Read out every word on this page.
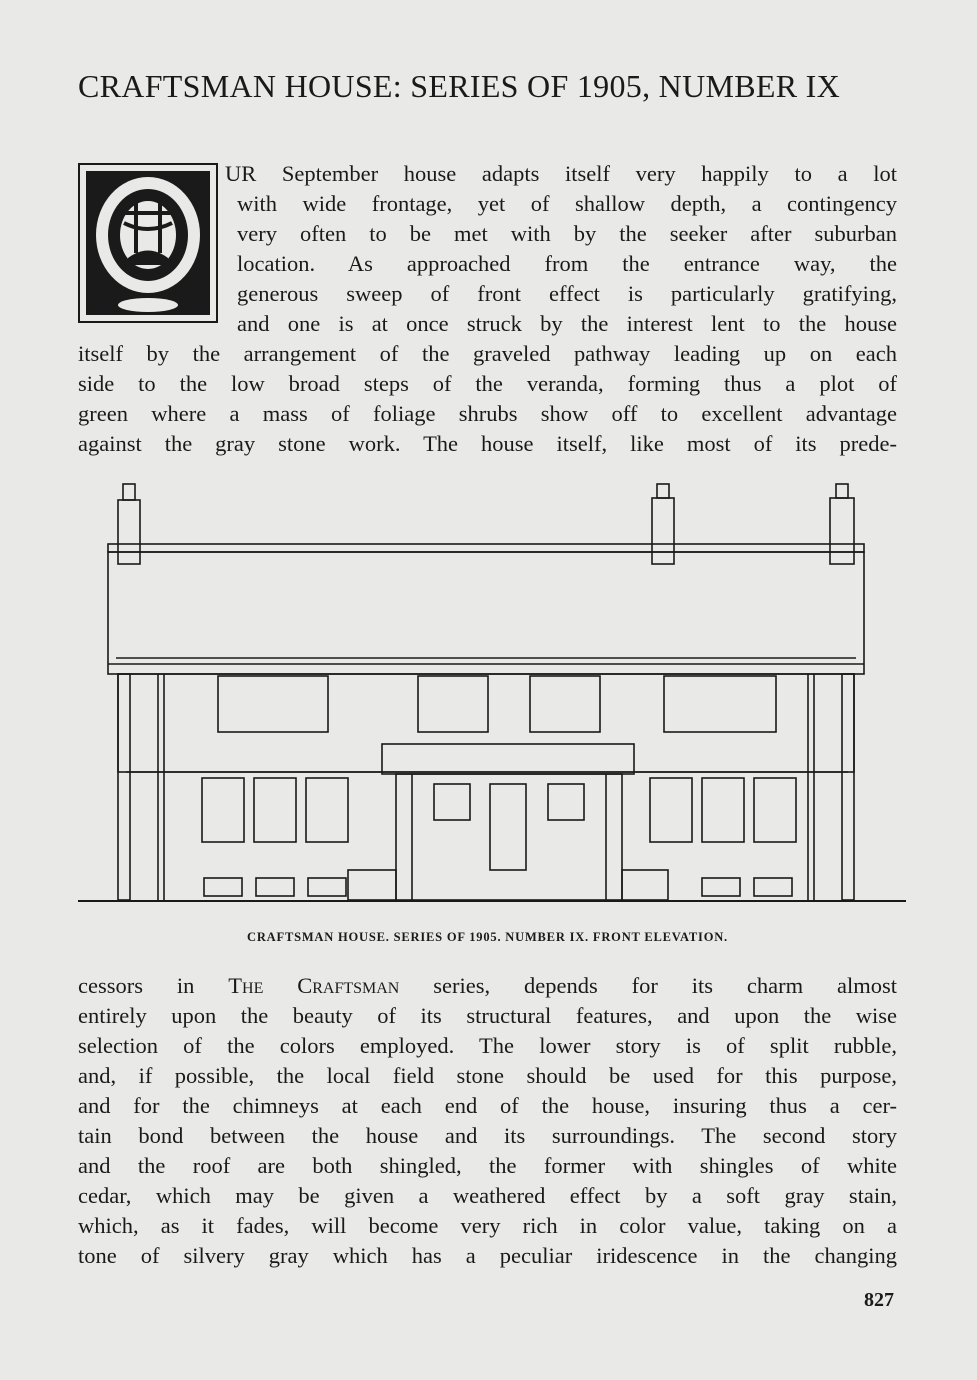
CRAFTSMAN HOUSE: SERIES OF 1905, NUMBER IX
O

UR September house adapts itself very happily to a lot
with wide frontage, yet of shallow depth, a contingency
very often to be met with by the seeker after suburban
location. As approached from the entrance way, the
generous sweep of front effect is particularly gratifying,
and one is at once struck by the interest lent to the house

itself by the arrangement of the graveled pathway leading up on each
side to the low broad steps of the veranda, forming thus a plot of
green where a mass of foliage shrubs show off to excellent advantage
against the gray stone work. The house itself, like most of its prede-

CRAFTSMAN HOUSE. SERIES OF 1905. NUMBER IX. FRONT ELEVATION.

cessors in The Craftsman series, depends for its charm almost
entirely upon the beauty of its structural features, and upon the wise
selection of the colors employed. The lower story is of split rubble,
and, if possible, the local field stone should be used for this purpose,
and for the chimneys at each end of the house, insuring thus a cer-
tain bond between the house and its surroundings. The second story
and the roof are both shingled, the former with shingles of white
cedar, which may be given a weathered effect by a soft gray stain,
which, as it fades, will become very rich in color value, taking on a
tone of silvery gray which has a peculiar iridescence in the changing

827
